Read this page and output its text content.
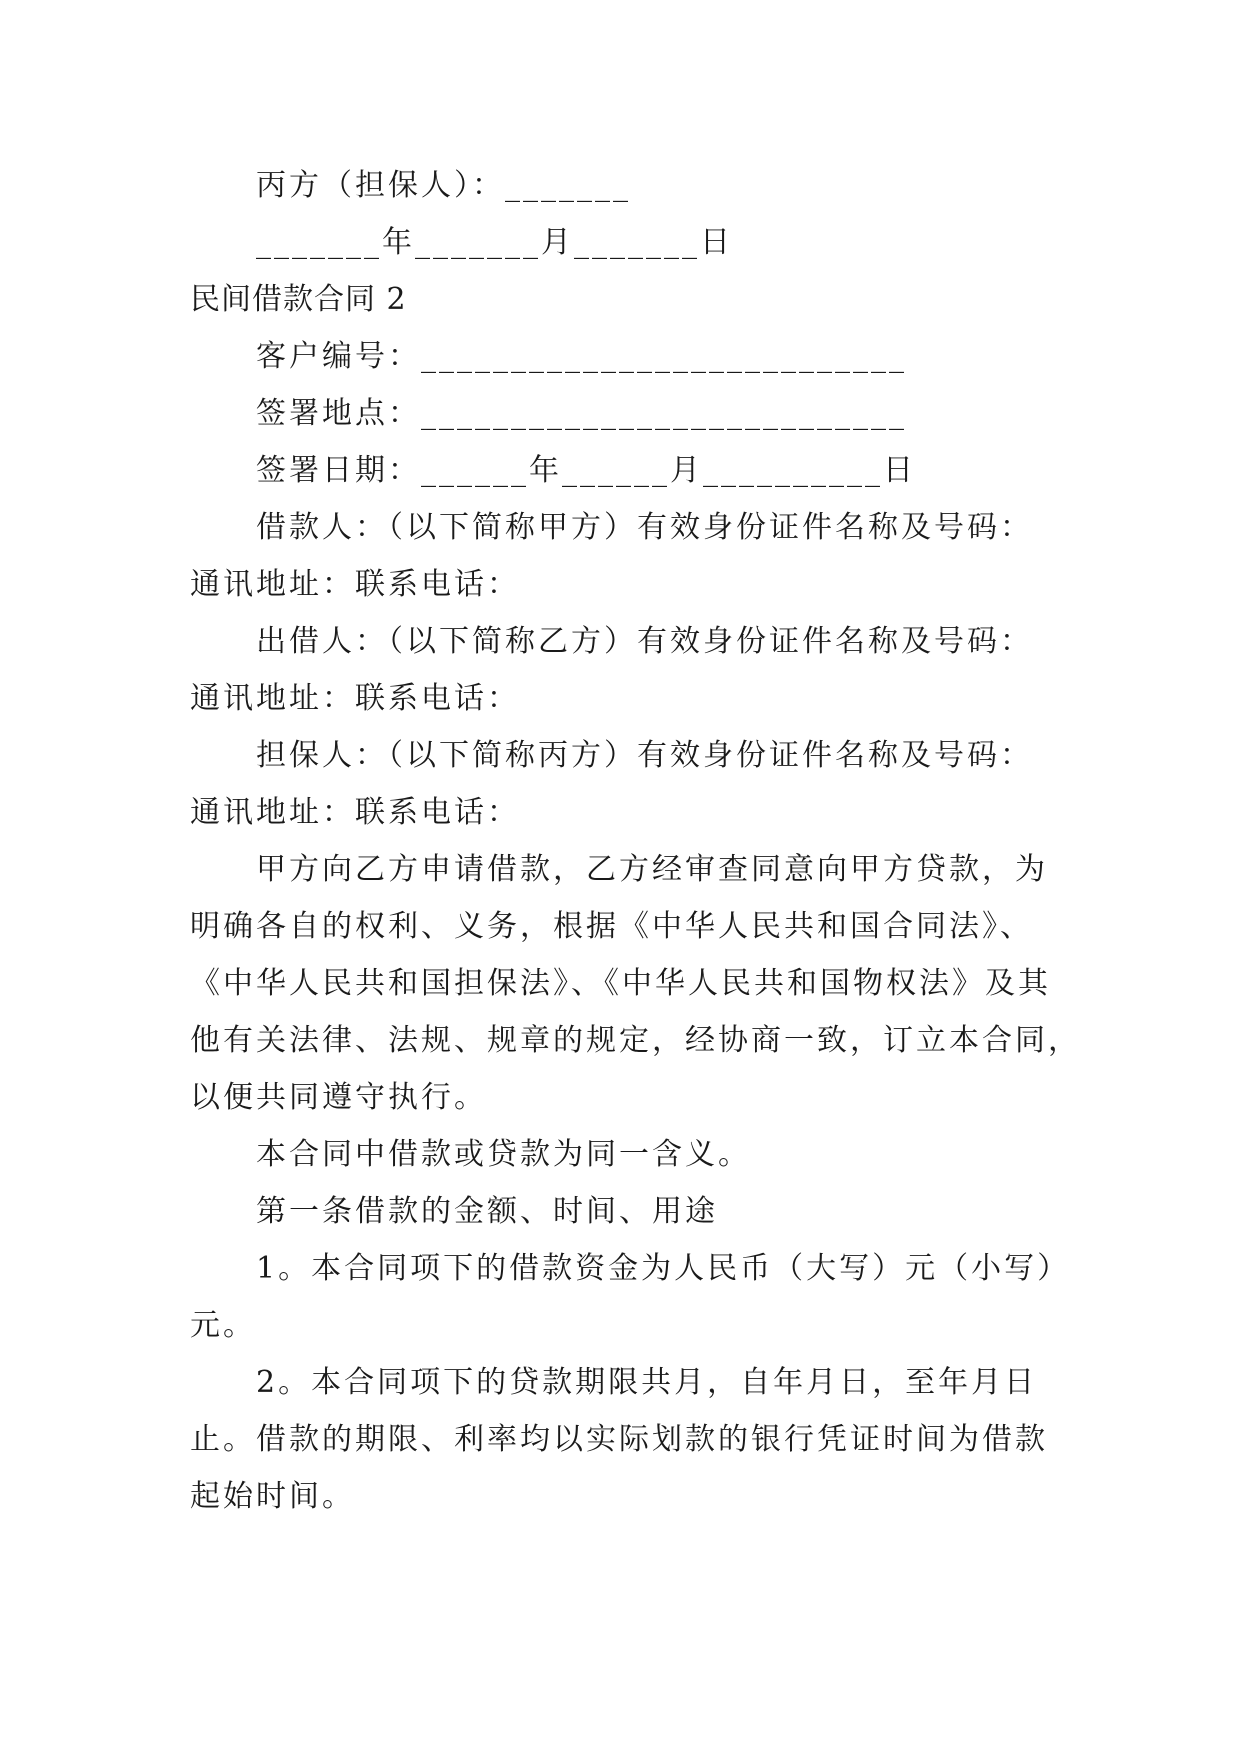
丙方（担保人）：_______
_______年_______月_______日
民间借款合同 2
客户编号：___________________________
签署地点：___________________________
签署日期：______年______月__________日
借款人：（以下简称甲方）有效身份证件名称及号码：
通讯地址：联系电话：
出借人：（以下简称乙方）有效身份证件名称及号码：
通讯地址：联系电话：
担保人：（以下简称丙方）有效身份证件名称及号码：
通讯地址：联系电话：
甲方向乙方申请借款，乙方经审查同意向甲方贷款，为
明确各自的权利、义务，根据《中华人民共和国合同法》、
《中华人民共和国担保法》、《中华人民共和国物权法》及其
他有关法律、法规、规章的规定，经协商一致，订立本合同，
以便共同遵守执行。
本合同中借款或贷款为同一含义。
第一条借款的金额、时间、用途
1。本合同项下的借款资金为人民币（大写）元（小写）
元。
2。本合同项下的贷款期限共月，自年月日，至年月日
止。借款的期限、利率均以实际划款的银行凭证时间为借款
起始时间。
